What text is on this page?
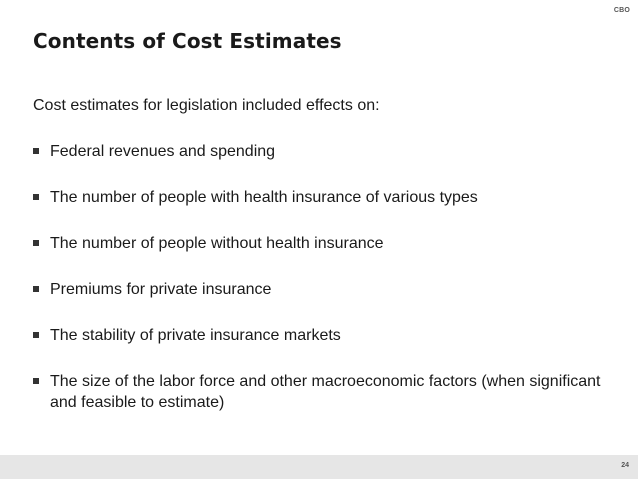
CBO
Contents of Cost Estimates

Cost estimates for legislation included effects on:

Federal revenues and spending
The number of people with health insurance of various types
The number of people without health insurance
Premiums for private insurance
The stability of private insurance markets
The size of the labor force and other macroeconomic factors (when significant and feasible to estimate)
24
